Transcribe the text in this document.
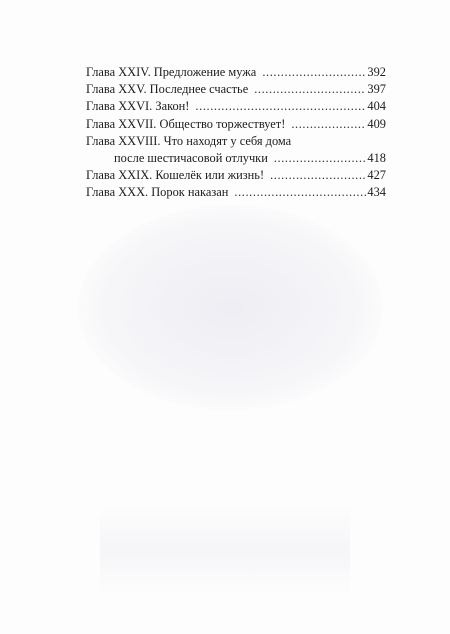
Глава XXIV. Предложение мужа .....	392
Глава XXV. Последнее счастье .....	397
Глава XXVI. Закон! .....	404
Глава XXVII. Общество торжествует! .....	409
Глава XXVIII. Что находят у себя дома
после шестичасовой отлучки .....	418
Глава XXIX. Кошелёк или жизнь! .....	427
Глава XXX. Порок наказан .....	434
